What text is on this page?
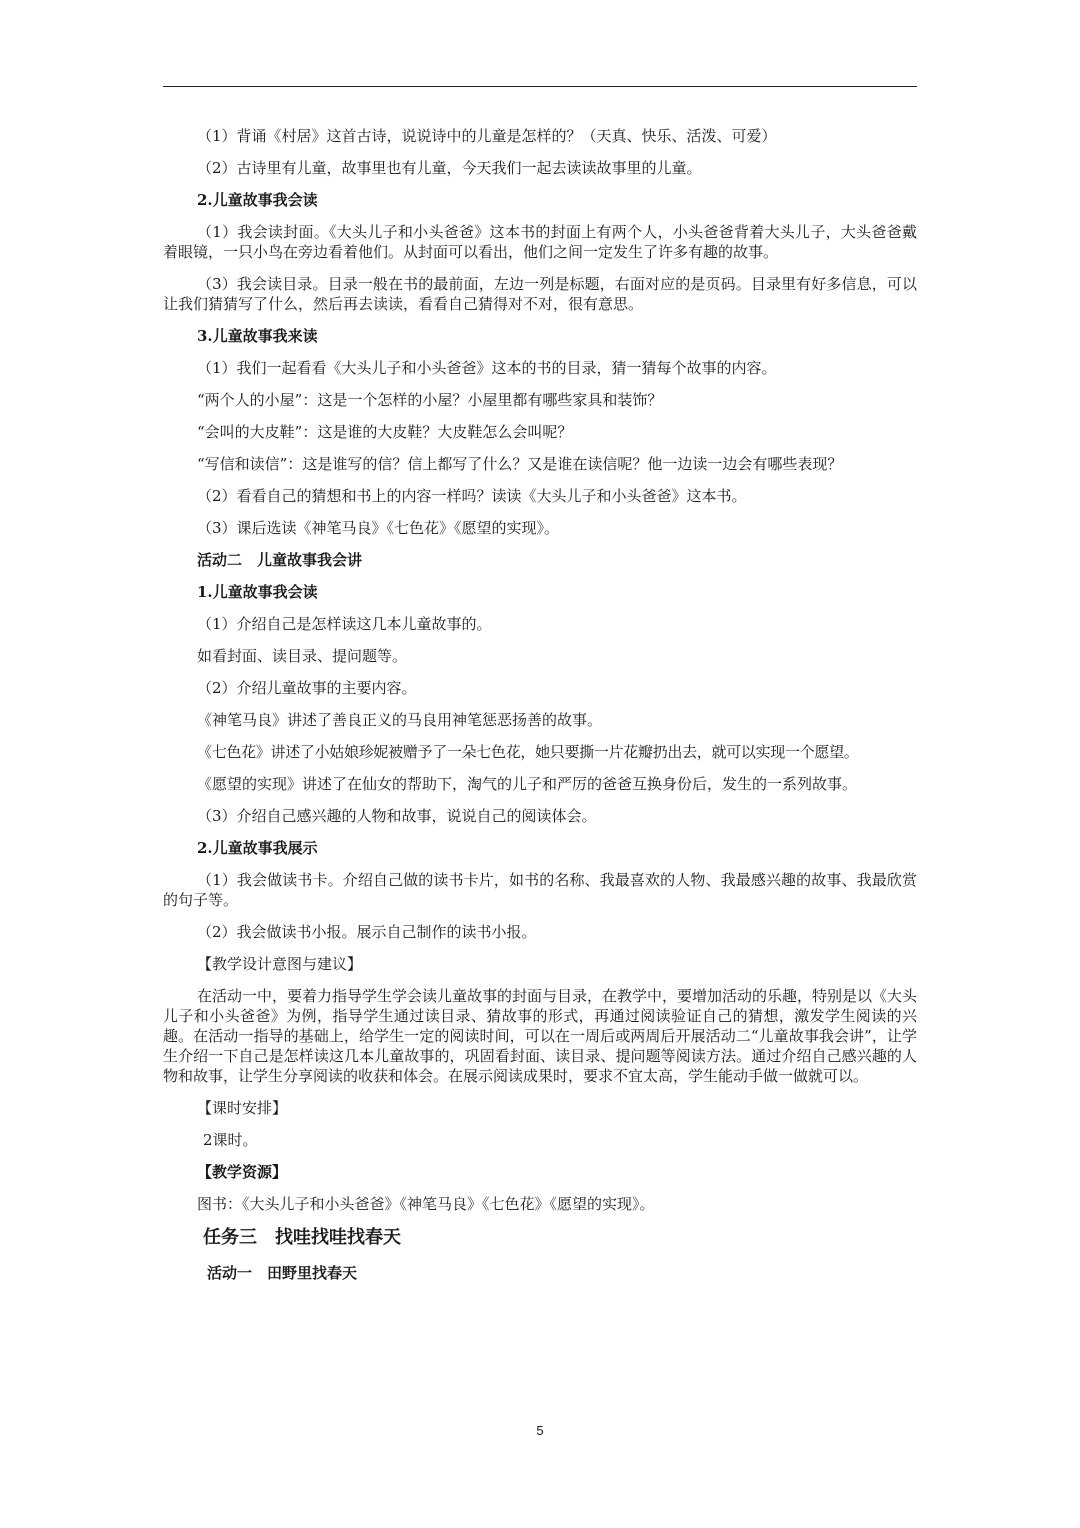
（1）背诵《村居》这首古诗，说说诗中的儿童是怎样的？（天真、快乐、活泼、可爱）

（2）古诗里有儿童，故事里也有儿童，今天我们一起去读读故事里的儿童。

2.儿童故事我会读

（1）我会读封面。《大头儿子和小头爸爸》这本书的封面上有两个人，小头爸爸背着大头儿子，大头爸爸戴着眼镜，一只小鸟在旁边看着他们。从封面可以看出，他们之间一定发生了许多有趣的故事。

（3）我会读目录。目录一般在书的最前面，左边一列是标题，右面对应的是页码。目录里有好多信息，可以让我们猜猜写了什么，然后再去读读，看看自己猜得对不对，很有意思。

3.儿童故事我来读

（1）我们一起看看《大头儿子和小头爸爸》这本的书的目录，猜一猜每个故事的内容。

“两个人的小屋”：这是一个怎样的小屋？小屋里都有哪些家具和装饰？

“会叫的大皮鞋”：这是谁的大皮鞋？大皮鞋怎么会叫呢？

“写信和读信”：这是谁写的信？信上都写了什么？又是谁在读信呢？他一边读一边会有哪些表现？

（2）看看自己的猜想和书上的内容一样吗？读读《大头儿子和小头爸爸》这本书。

（3）课后选读《神笔马良》《七色花》《愿望的实现》。

活动二　儿童故事我会讲

1.儿童故事我会读

（1）介绍自己是怎样读这几本儿童故事的。

如看封面、读目录、提问题等。

（2）介绍儿童故事的主要内容。

《神笔马良》讲述了善良正义的马良用神笔惩恶扬善的故事。

《七色花》讲述了小姑娘珍妮被赠予了一朵七色花，她只要撕一片花瓣扔出去，就可以实现一个愿望。

《愿望的实现》讲述了在仙女的帮助下，淘气的儿子和严厉的爸爸互换身份后，发生的一系列故事。

（3）介绍自己感兴趣的人物和故事，说说自己的阅读体会。

2.儿童故事我展示

（1）我会做读书卡。介绍自己做的读书卡片，如书的名称、我最喜欢的人物、我最感兴趣的故事、我最欣赏的句子等。

（2）我会做读书小报。展示自己制作的读书小报。

【教学设计意图与建议】

在活动一中，要着力指导学生学会读儿童故事的封面与目录，在教学中，要增加活动的乐趣，特别是以《大头儿子和小头爸爸》为例，指导学生通过读目录、猜故事的形式，再通过阅读验证自己的猜想，激发学生阅读的兴趣。在活动一指导的基础上，给学生一定的阅读时间，可以在一周后或两周后开展活动二“儿童故事我会讲”，让学生介绍一下自己是怎样读这几本儿童故事的，巩固看封面、读目录、提问题等阅读方法。通过介绍自己感兴趣的人物和故事，让学生分享阅读的收获和体会。在展示阅读成果时，要求不宜太高，学生能动手做一做就可以。

【课时安排】

2课时。

【教学资源】

图书：《大头儿子和小头爸爸》《神笔马良》《七色花》《愿望的实现》。

任务三　找哇找哇找春天
活动一　田野里找春天
5
